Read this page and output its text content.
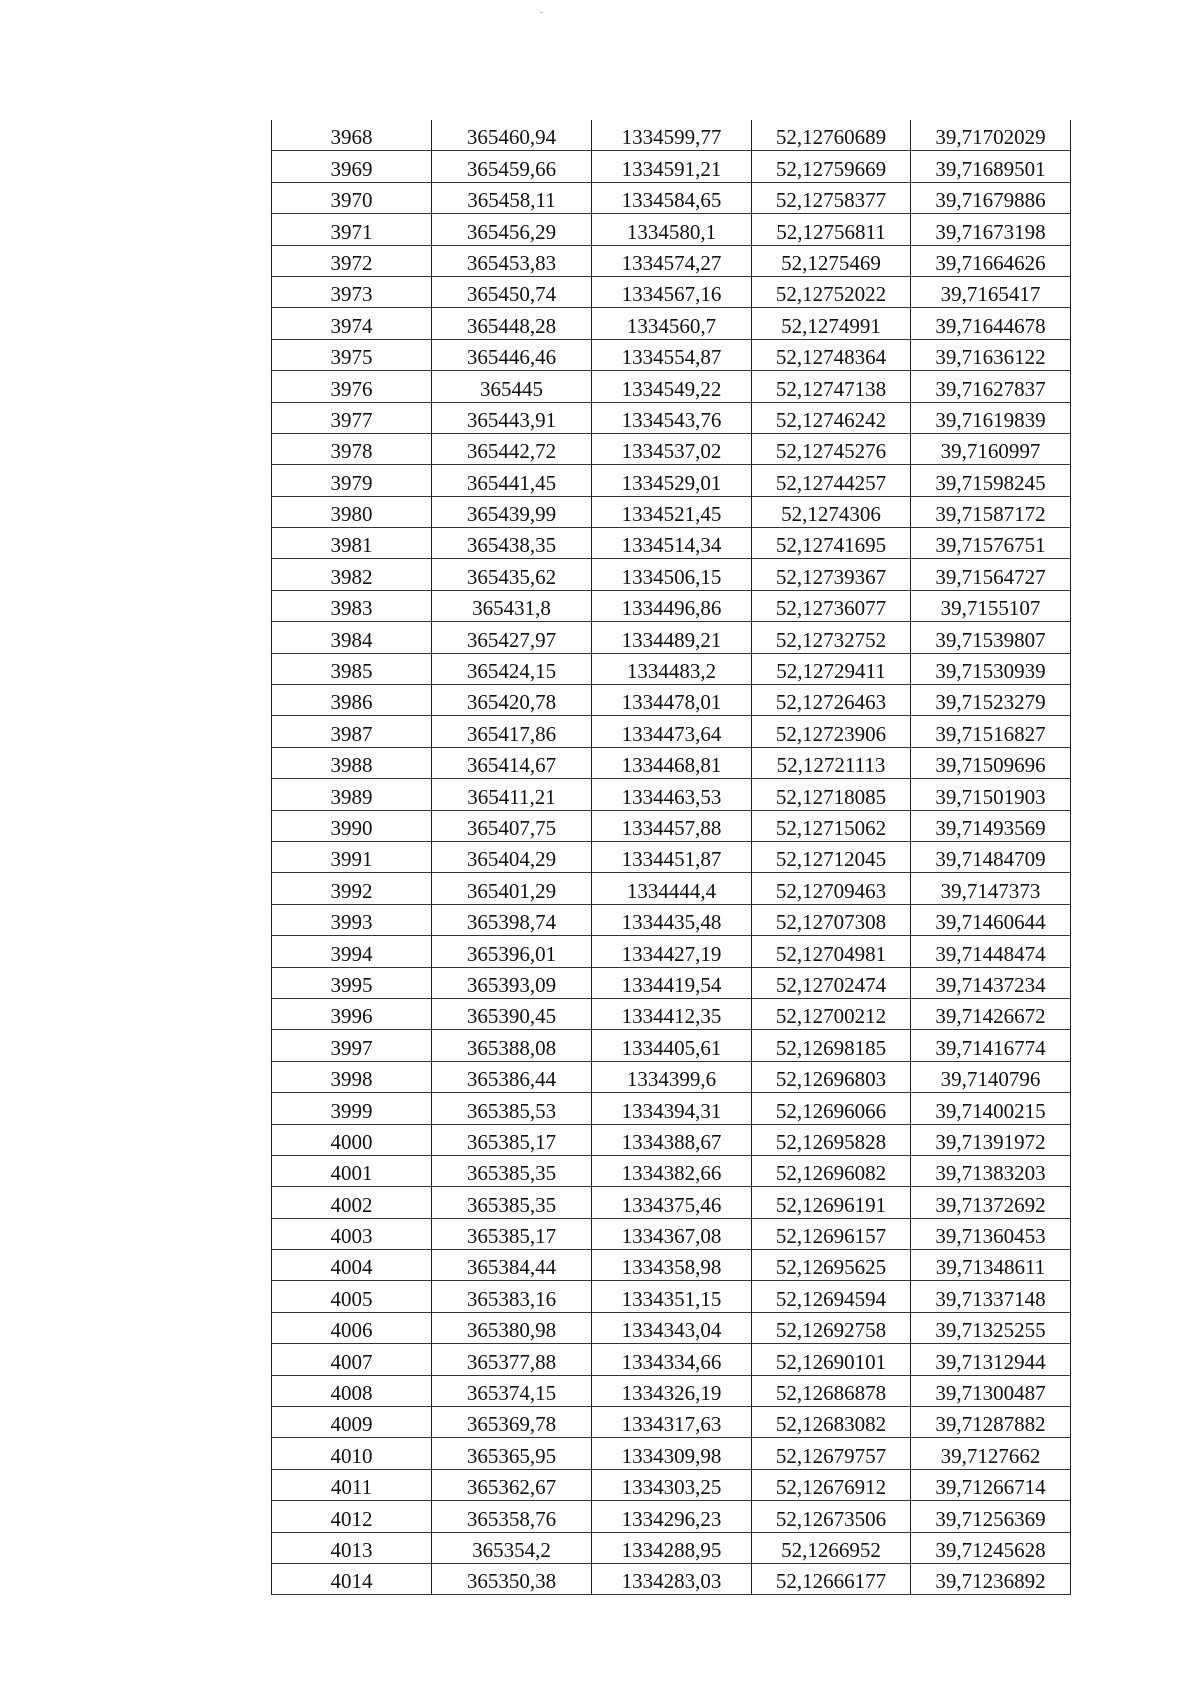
3968	365460,94	1334599,77	52,12760689	39,71702029
3969	365459,66	1334591,21	52,12759669	39,71689501
3970	365458,11	1334584,65	52,12758377	39,71679886
3971	365456,29	1334580,1	52,12756811	39,71673198
3972	365453,83	1334574,27	52,1275469	39,71664626
3973	365450,74	1334567,16	52,12752022	39,7165417
3974	365448,28	1334560,7	52,1274991	39,71644678
3975	365446,46	1334554,87	52,12748364	39,71636122
3976	365445	1334549,22	52,12747138	39,71627837
3977	365443,91	1334543,76	52,12746242	39,71619839
3978	365442,72	1334537,02	52,12745276	39,7160997
3979	365441,45	1334529,01	52,12744257	39,71598245
3980	365439,99	1334521,45	52,1274306	39,71587172
3981	365438,35	1334514,34	52,12741695	39,71576751
3982	365435,62	1334506,15	52,12739367	39,71564727
3983	365431,8	1334496,86	52,12736077	39,7155107
3984	365427,97	1334489,21	52,12732752	39,71539807
3985	365424,15	1334483,2	52,12729411	39,71530939
3986	365420,78	1334478,01	52,12726463	39,71523279
3987	365417,86	1334473,64	52,12723906	39,71516827
3988	365414,67	1334468,81	52,12721113	39,71509696
3989	365411,21	1334463,53	52,12718085	39,71501903
3990	365407,75	1334457,88	52,12715062	39,71493569
3991	365404,29	1334451,87	52,12712045	39,71484709
3992	365401,29	1334444,4	52,12709463	39,7147373
3993	365398,74	1334435,48	52,12707308	39,71460644
3994	365396,01	1334427,19	52,12704981	39,71448474
3995	365393,09	1334419,54	52,12702474	39,71437234
3996	365390,45	1334412,35	52,12700212	39,71426672
3997	365388,08	1334405,61	52,12698185	39,71416774
3998	365386,44	1334399,6	52,12696803	39,7140796
3999	365385,53	1334394,31	52,12696066	39,71400215
4000	365385,17	1334388,67	52,12695828	39,71391972
4001	365385,35	1334382,66	52,12696082	39,71383203
4002	365385,35	1334375,46	52,12696191	39,71372692
4003	365385,17	1334367,08	52,12696157	39,71360453
4004	365384,44	1334358,98	52,12695625	39,71348611
4005	365383,16	1334351,15	52,12694594	39,71337148
4006	365380,98	1334343,04	52,12692758	39,71325255
4007	365377,88	1334334,66	52,12690101	39,71312944
4008	365374,15	1334326,19	52,12686878	39,71300487
4009	365369,78	1334317,63	52,12683082	39,71287882
4010	365365,95	1334309,98	52,12679757	39,7127662
4011	365362,67	1334303,25	52,12676912	39,71266714
4012	365358,76	1334296,23	52,12673506	39,71256369
4013	365354,2	1334288,95	52,1266952	39,71245628
4014	365350,38	1334283,03	52,12666177	39,71236892
